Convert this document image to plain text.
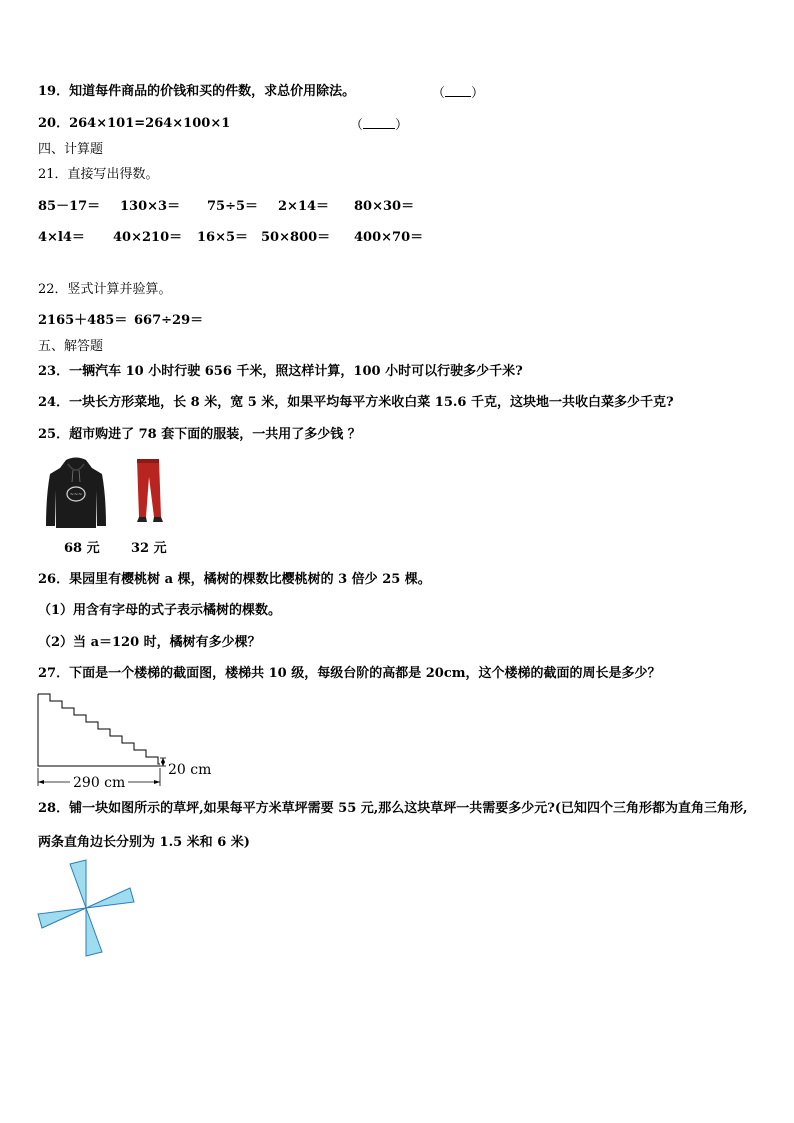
19．知道每件商品的价钱和买的件数，求总价用除法。	（ ）
20．264×101=264×100×1	（ ）
四、计算题
21．直接写出得数。
85－17＝ 130×3＝ 75÷5＝ 2×14＝ 80×30＝
4×l4＝ 40×210＝ 16×5＝ 50×800＝ 400×70＝
22．竖式计算并验算。
2165＋485＝ 667÷29＝
五、解答题
23．一辆汽车 10 小时行驶 656 千米，照这样计算，100 小时可以行驶多少千米?
24．一块长方形菜地，长 8 米，宽 5 米，如果平均每平方米收白菜 15.6 千克，这块地一共收白菜多少千克?
25．超市购进了 78 套下面的服装，一共用了多少钱 ？
~~~
68 元 32 元
26．果园里有樱桃树 a 棵，橘树的棵数比樱桃树的 3 倍少 25 棵。
（1）用含有字母的式子表示橘树的棵数。
（2）当 a＝120 时，橘树有多少棵？
27．下面是一个楼梯的截面图，楼梯共 10 级，每级台阶的高都是 20cm，这个楼梯的截面的周长是多少？
290 cm
20 cm
28．铺一块如图所示的草坪,如果每平方米草坪需要 55 元,那么这块草坪一共需要多少元?(已知四个三角形都为直角三角形,两条直角边长分别为 1.5 米和 6 米)
